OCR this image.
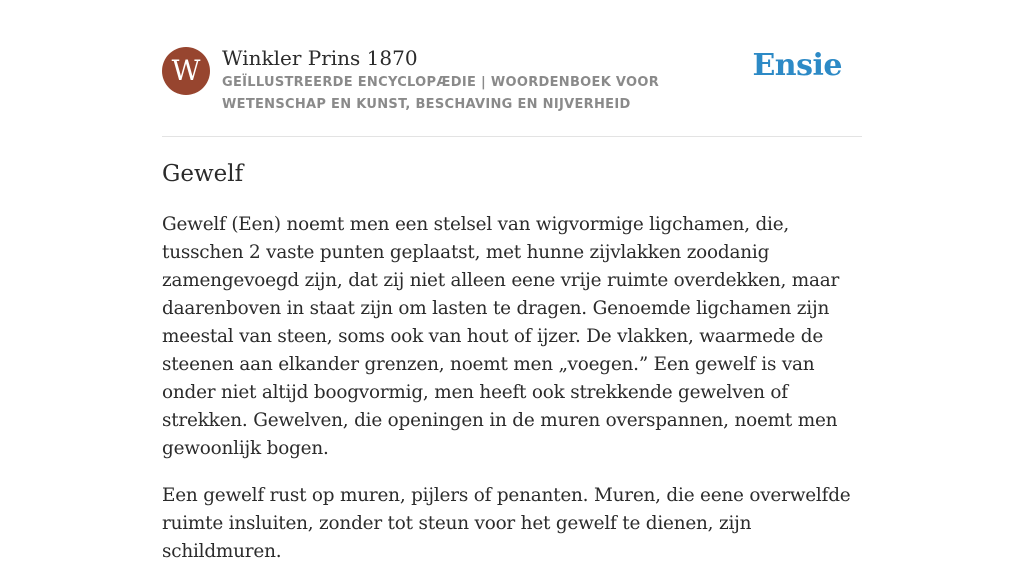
W	Winkler Prins 1870
GEÏLLUSTREERDE ENCYCLOPÆDIE | WOORDENBOEK VOOR WETENSCHAP EN KUNST, BESCHAVING EN NIJVERHEID
Ensie
Gewelf

Gewelf (Een) noemt men een stelsel van wigvormige ligchamen, die, tusschen 2 vaste punten geplaatst, met hunne zijvlakken zoodanig zamengevoegd zijn, dat zij niet alleen eene vrije ruimte overdekken, maar daarenboven in staat zijn om lasten te dragen. Genoemde ligchamen zijn meestal van steen, soms ook van hout of ijzer. De vlakken, waarmede de steenen aan elkander grenzen, noemt men „voegen.” Een gewelf is van onder niet altijd boogvormig, men heeft ook strekkende gewelven of strekken. Gewelven, die openingen in de muren overspannen, noemt men gewoonlijk bogen.

Een gewelf rust op muren, pijlers of penanten. Muren, die eene overwelfde ruimte insluiten, zonder tot steun voor het gewelf te dienen, zijn schildmuren.
